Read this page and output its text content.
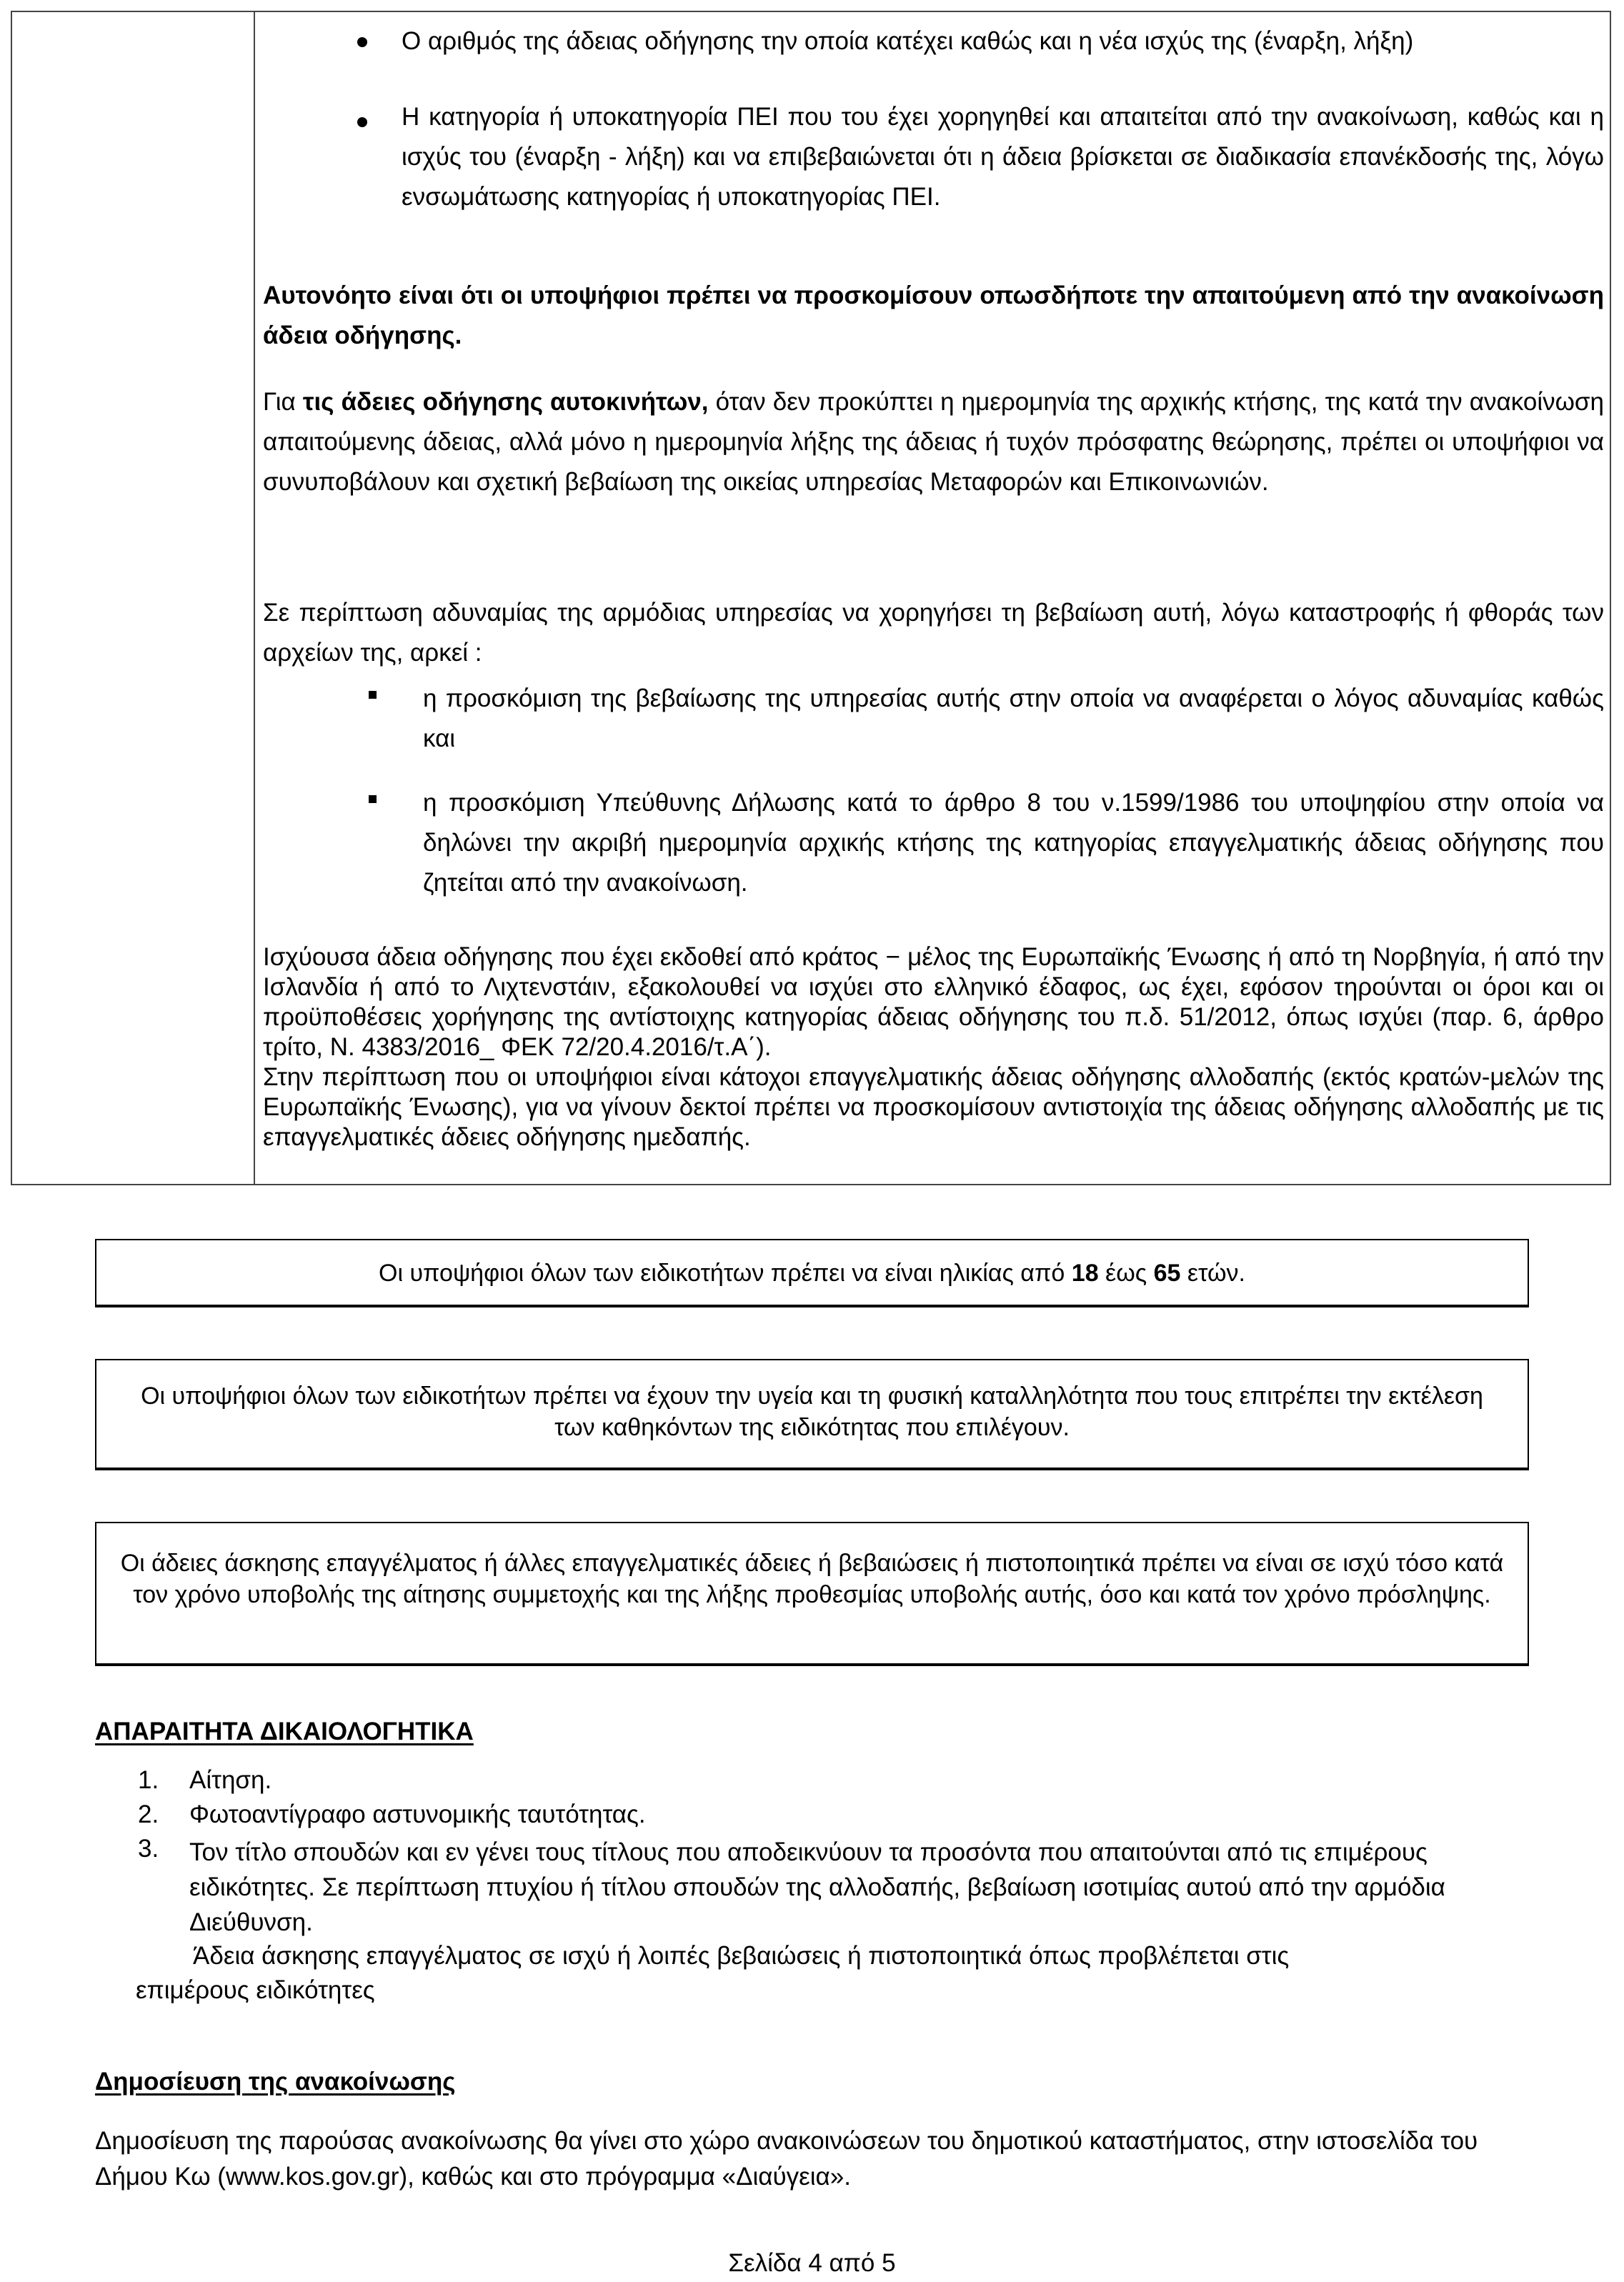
Ο αριθμός της άδειας οδήγησης την οποία κατέχει καθώς και η νέα ισχύς της (έναρξη, λήξη)
Η κατηγορία ή υποκατηγορία ΠΕΙ που του έχει χορηγηθεί και απαιτείται από την ανακοίνωση, καθώς και η ισχύς του (έναρξη - λήξη) και να επιβεβαιώνεται ότι η άδεια βρίσκεται σε διαδικασία επανέκδοσής της, λόγω ενσωμάτωσης κατηγορίας ή υποκατηγορίας ΠΕΙ.
Αυτονόητο είναι ότι οι υποψήφιοι πρέπει να προσκομίσουν οπωσδήποτε την απαιτούμενη από την ανακοίνωση άδεια οδήγησης.
Για τις άδειες οδήγησης αυτοκινήτων, όταν δεν προκύπτει η ημερομηνία της αρχικής κτήσης, της κατά την ανακοίνωση απαιτούμενης άδειας, αλλά μόνο η ημερομηνία λήξης της άδειας ή τυχόν πρόσφατης θεώρησης, πρέπει οι υποψήφιοι να συνυποβάλουν και σχετική βεβαίωση της οικείας υπηρεσίας Μεταφορών και Επικοινωνιών.
Σε περίπτωση αδυναμίας της αρμόδιας υπηρεσίας να χορηγήσει τη βεβαίωση αυτή, λόγω καταστροφής ή φθοράς των αρχείων της, αρκεί :
η προσκόμιση της βεβαίωσης της υπηρεσίας αυτής στην οποία να αναφέρεται ο λόγος αδυναμίας καθώς και
η προσκόμιση Υπεύθυνης Δήλωσης κατά το άρθρο 8 του ν.1599/1986 του υποψηφίου στην οποία να δηλώνει την ακριβή ημερομηνία αρχικής κτήσης της κατηγορίας επαγγελματικής άδειας οδήγησης που ζητείται από την ανακοίνωση.
Ισχύουσα άδεια οδήγησης που έχει εκδοθεί από κράτος − μέλος της Ευρωπαϊκής Ένωσης ή από τη Νορβηγία, ή από την Ισλανδία ή από το Λιχτενστάιν, εξακολουθεί να ισχύει στο ελληνικό έδαφος, ως έχει, εφόσον τηρούνται οι όροι και οι προϋποθέσεις χορήγησης της αντίστοιχης κατηγορίας άδειας οδήγησης του π.δ. 51/2012, όπως ισχύει (παρ. 6, άρθρο τρίτο, Ν. 4383/2016_ ΦΕΚ 72/20.4.2016/τ.Α΄).
Στην περίπτωση που οι υποψήφιοι είναι κάτοχοι επαγγελματικής άδειας οδήγησης αλλοδαπής (εκτός κρατών-μελών της Ευρωπαϊκής Ένωσης), για να γίνουν δεκτοί πρέπει να προσκομίσουν αντιστοιχία της άδειας οδήγησης αλλοδαπής με τις επαγγελματικές άδειες οδήγησης ημεδαπής.
Οι υποψήφιοι όλων των ειδικοτήτων πρέπει να είναι ηλικίας από 18 έως 65 ετών.
Οι υποψήφιοι όλων των ειδικοτήτων πρέπει να έχουν την υγεία και τη φυσική καταλληλότητα που τους επιτρέπει την εκτέλεση των καθηκόντων της ειδικότητας που επιλέγουν.
Οι άδειες άσκησης επαγγέλματος ή άλλες επαγγελματικές άδειες ή βεβαιώσεις ή πιστοποιητικά πρέπει να είναι σε ισχύ τόσο κατά τον χρόνο υποβολής της αίτησης συμμετοχής και της λήξης προθεσμίας υποβολής αυτής, όσο και κατά τον χρόνο πρόσληψης.
ΑΠΑΡΑΙΤΗΤΑ ΔΙΚΑΙΟΛΟΓΗΤΙΚΑ
1. Αίτηση.
2. Φωτοαντίγραφο αστυνομικής ταυτότητας.
3. Τον τίτλο σπουδών και εν γένει τους τίτλους που αποδεικνύουν τα προσόντα που απαιτούνται από τις επιμέρους ειδικότητες. Σε περίπτωση πτυχίου ή τίτλου σπουδών της αλλοδαπής, βεβαίωση ισοτιμίας αυτού από την αρμόδια Διεύθυνση.
Άδεια άσκησης επαγγέλματος σε ισχύ ή λοιπές βεβαιώσεις ή πιστοποιητικά όπως προβλέπεται στις
επιμέρους ειδικότητες
Δημοσίευση της ανακοίνωσης
Δημοσίευση της παρούσας ανακοίνωσης θα γίνει στο χώρο ανακοινώσεων του δημοτικού καταστήματος, στην ιστοσελίδα του Δήμου Κω (www.kos.gov.gr), καθώς και στο πρόγραμμα «Διαύγεια».
Σελίδα 4 από 5
